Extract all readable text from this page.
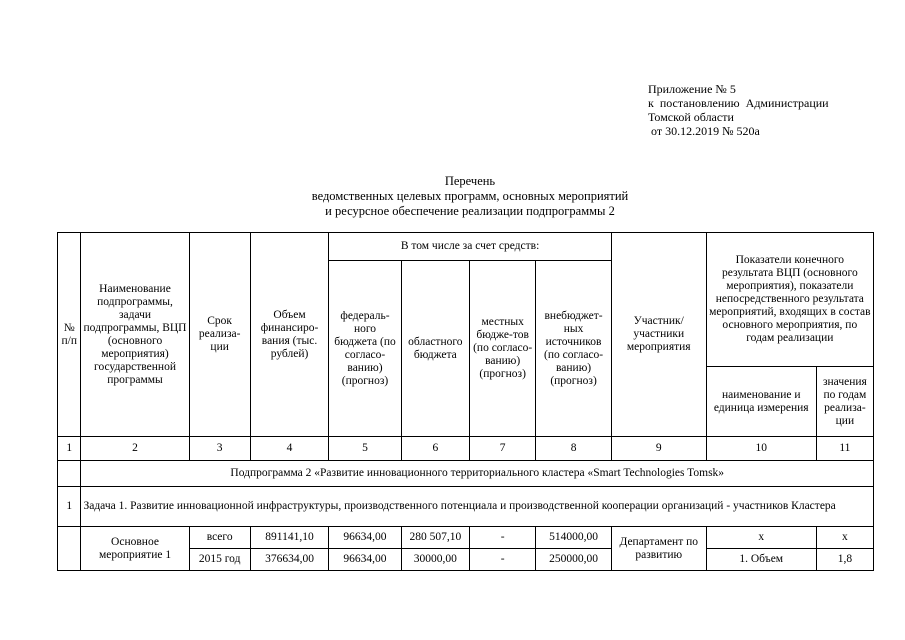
Приложение № 5
к  постановлению  Администрации
Томской области
от 30.12.2019 № 520а
Перечень
ведомственных целевых программ, основных мероприятий
и ресурсное обеспечение реализации подпрограммы 2
№ п/п	Наименование подпрограммы, задачи подпрограммы, ВЦП (основного мероприятия) государственной программы	Срок реализа-ции	Объем финансиро-вания (тыс. рублей)	В том числе за счет средств:				Участник/ участники мероприятия	Показатели конечного результата ВЦП (основного мероприятия), показатели непосредственного результата мероприятий, входящих в состав основного мероприятия, по годам реализации	
				федераль-ного бюджета (по согласо-ванию) (прогноз)	областного бюджета	местных бюдже-тов (по согласо-ванию) (прогноз)	внебюджет-ных источников (по согласо-ванию) (прогноз)			
									наименование и единица измерения	значения по годам реализа-ции
1	2	3	4	5	6	7	8	9	10	11
	Подпрограмма 2 «Развитие инновационного территориального кластера «Smart Technologies Tomsk»									
1	Задача 1. Развитие инновационной инфраструктуры, производственного потенциала и производственной кооперации организаций - участников Кластера									
	Основное мероприятие 1	всего	891141,10	96634,00	280 507,10	-	514000,00	Департамент по развитию	х	х
		2015 год	376634,00	96634,00	30000,00	-	250000,00		1. Объем	1,8
